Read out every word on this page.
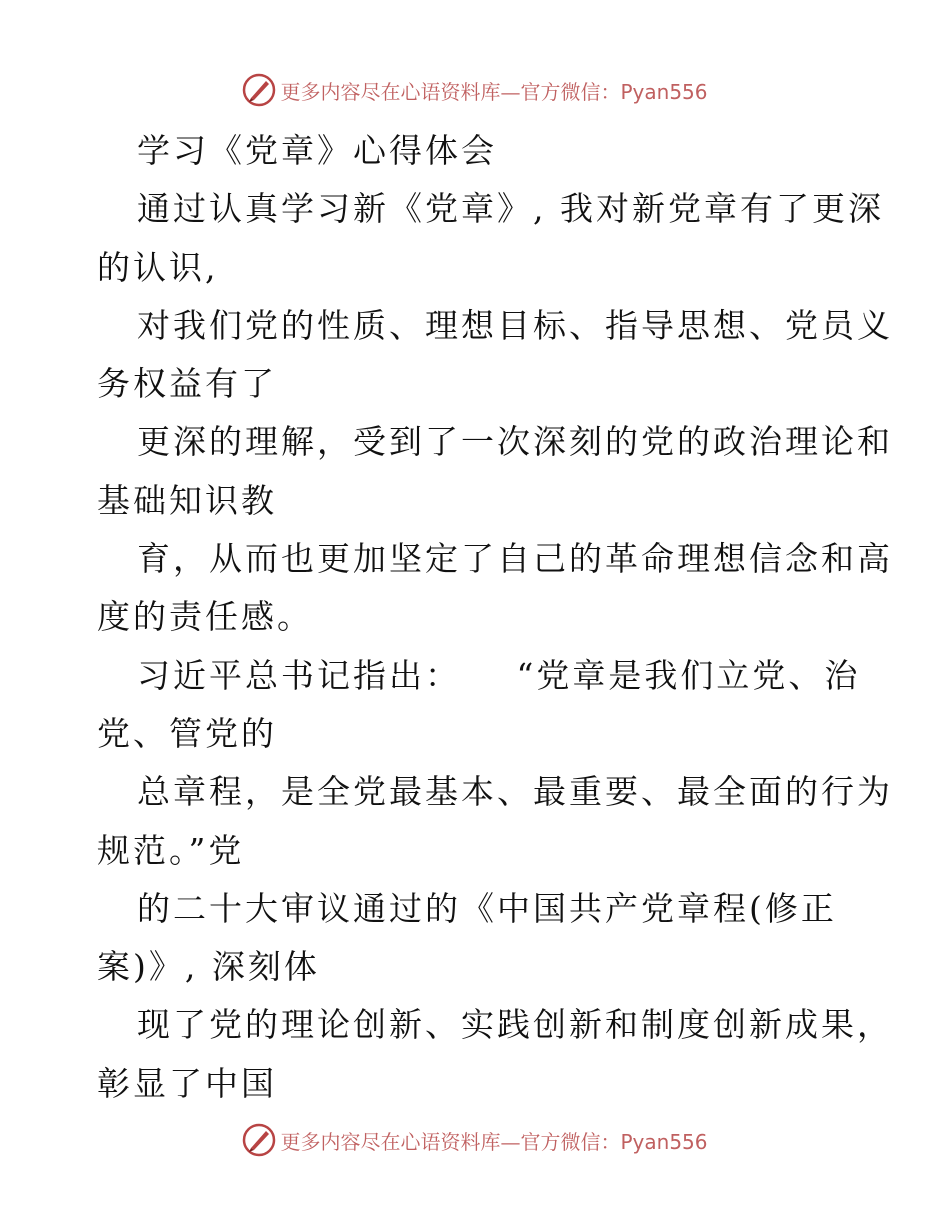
更多内容尽在心语资料库—官方微信：Pyan556
学习《党章》心得体会
通过认真学习新《党章》, 我对新党章有了更深
的认识,
对我们党的性质、理想目标、指导思想、党员义
务权益有了
更深的理解，受到了一次深刻的党的政治理论和
基础知识教
育，从而也更加坚定了自己的革命理想信念和高
度的责任感。
习近平总书记指出：　　“党章是我们立党、治
党、管党的
总章程，是全党最基本、最重要、最全面的行为
规范。”党
的二十大审议通过的《中国共产党章程(修正
案)》, 深刻体
现了党的理论创新、实践创新和制度创新成果，
彰显了中国
更多内容尽在心语资料库—官方微信：Pyan556
